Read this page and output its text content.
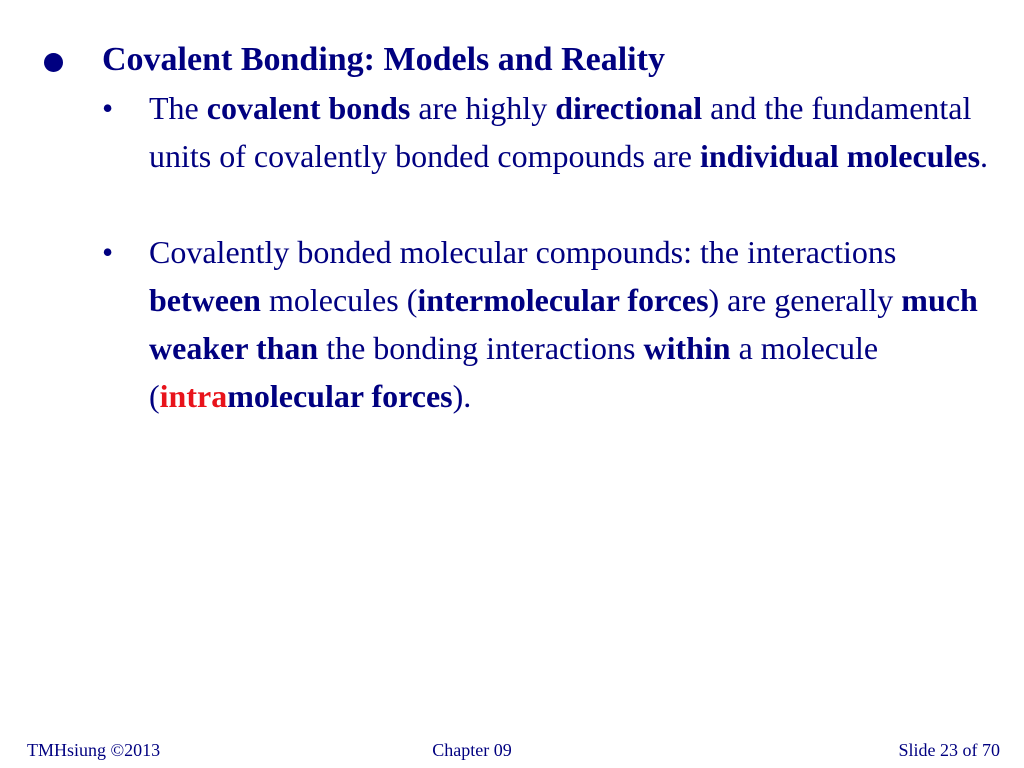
Covalent Bonding: Models and Reality
• The covalent bonds are highly directional and the fundamental units of covalently bonded compounds are individual molecules.
• Covalently bonded molecular compounds: the interactions between molecules (intermolecular forces) are generally much weaker than the bonding interactions within a molecule (intramolecular forces).
TMHsiung ©2013	Chapter 09	Slide 23 of 70
